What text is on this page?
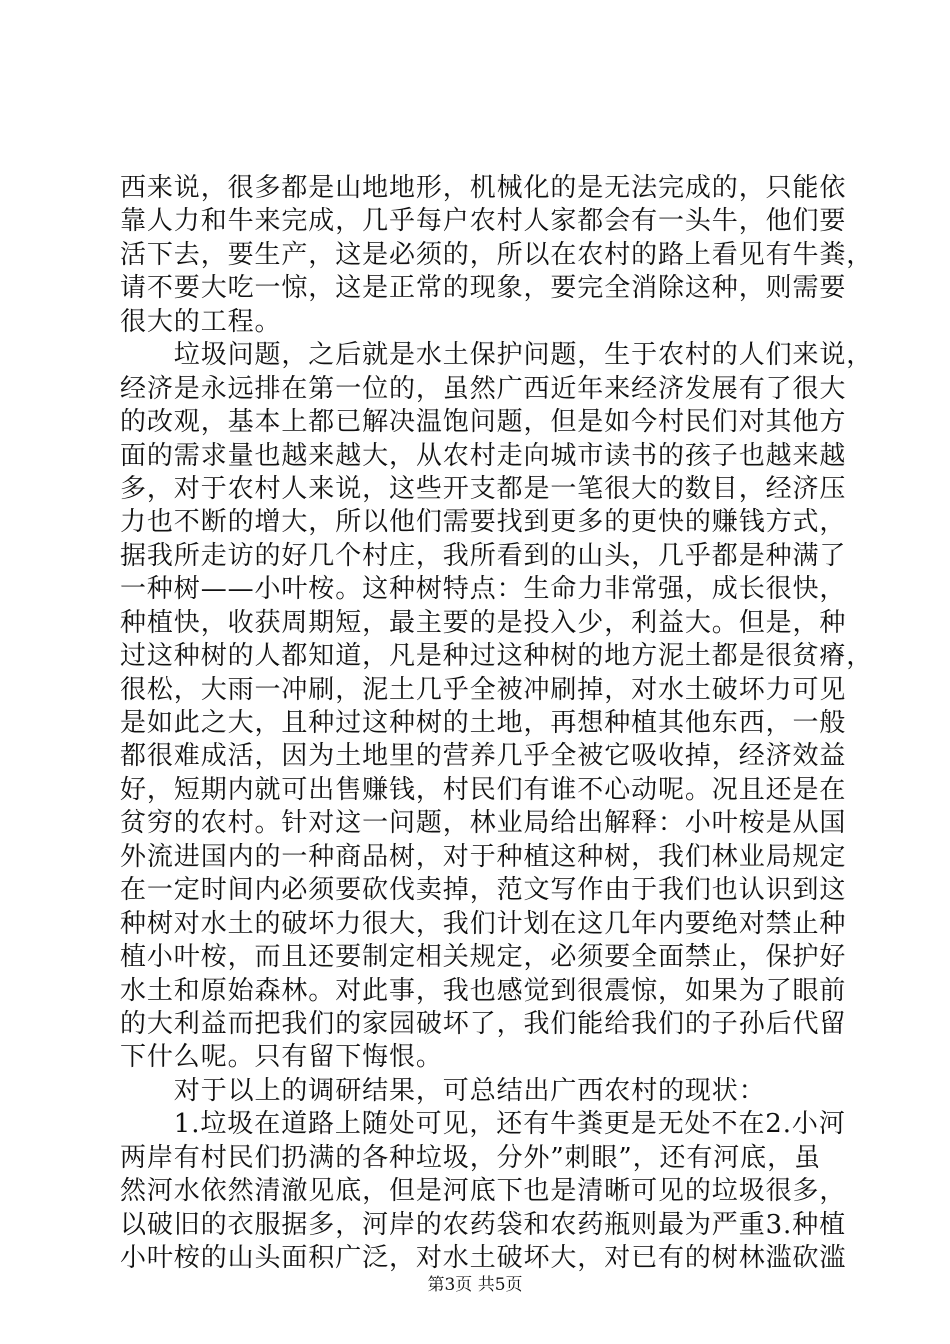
西来说，很多都是山地地形，机械化的是无法完成的，只能依
靠人力和牛来完成，几乎每户农村人家都会有一头牛，他们要
活下去，要生产，这是必须的，所以在农村的路上看见有牛粪，
请不要大吃一惊，这是正常的现象，要完全消除这种，则需要
很大的工程。
　　垃圾问题，之后就是水土保护问题，生于农村的人们来说，
经济是永远排在第一位的，虽然广西近年来经济发展有了很大
的改观，基本上都已解决温饱问题，但是如今村民们对其他方
面的需求量也越来越大，从农村走向城市读书的孩子也越来越
多，对于农村人来说，这些开支都是一笔很大的数目，经济压
力也不断的增大，所以他们需要找到更多的更快的赚钱方式，
据我所走访的好几个村庄，我所看到的山头，几乎都是种满了
一种树——小叶桉。这种树特点：生命力非常强，成长很快，
种植快，收获周期短，最主要的是投入少，利益大。但是，种
过这种树的人都知道，凡是种过这种树的地方泥土都是很贫瘠，
很松，大雨一冲刷，泥土几乎全被冲刷掉，对水土破坏力可见
是如此之大，且种过这种树的土地，再想种植其他东西，一般
都很难成活，因为土地里的营养几乎全被它吸收掉，经济效益
好，短期内就可出售赚钱，村民们有谁不心动呢。况且还是在
贫穷的农村。针对这一问题，林业局给出解释：小叶桉是从国
外流进国内的一种商品树，对于种植这种树，我们林业局规定
在一定时间内必须要砍伐卖掉，范文写作由于我们也认识到这
种树对水土的破坏力很大，我们计划在这几年内要绝对禁止种
植小叶桉，而且还要制定相关规定，必须要全面禁止，保护好
水土和原始森林。对此事，我也感觉到很震惊，如果为了眼前
的大利益而把我们的家园破坏了，我们能给我们的子孙后代留
下什么呢。只有留下悔恨。
　　对于以上的调研结果，可总结出广西农村的现状：
　　1.垃圾在道路上随处可见，还有牛粪更是无处不在2.小河
两岸有村民们扔满的各种垃圾，分外”刺眼”，还有河底，虽
然河水依然清澈见底，但是河底下也是清晰可见的垃圾很多，
以破旧的衣服据多，河岸的农药袋和农药瓶则最为严重3.种植
小叶桉的山头面积广泛，对水土破坏大，对已有的树林滥砍滥
第3页 共5页
